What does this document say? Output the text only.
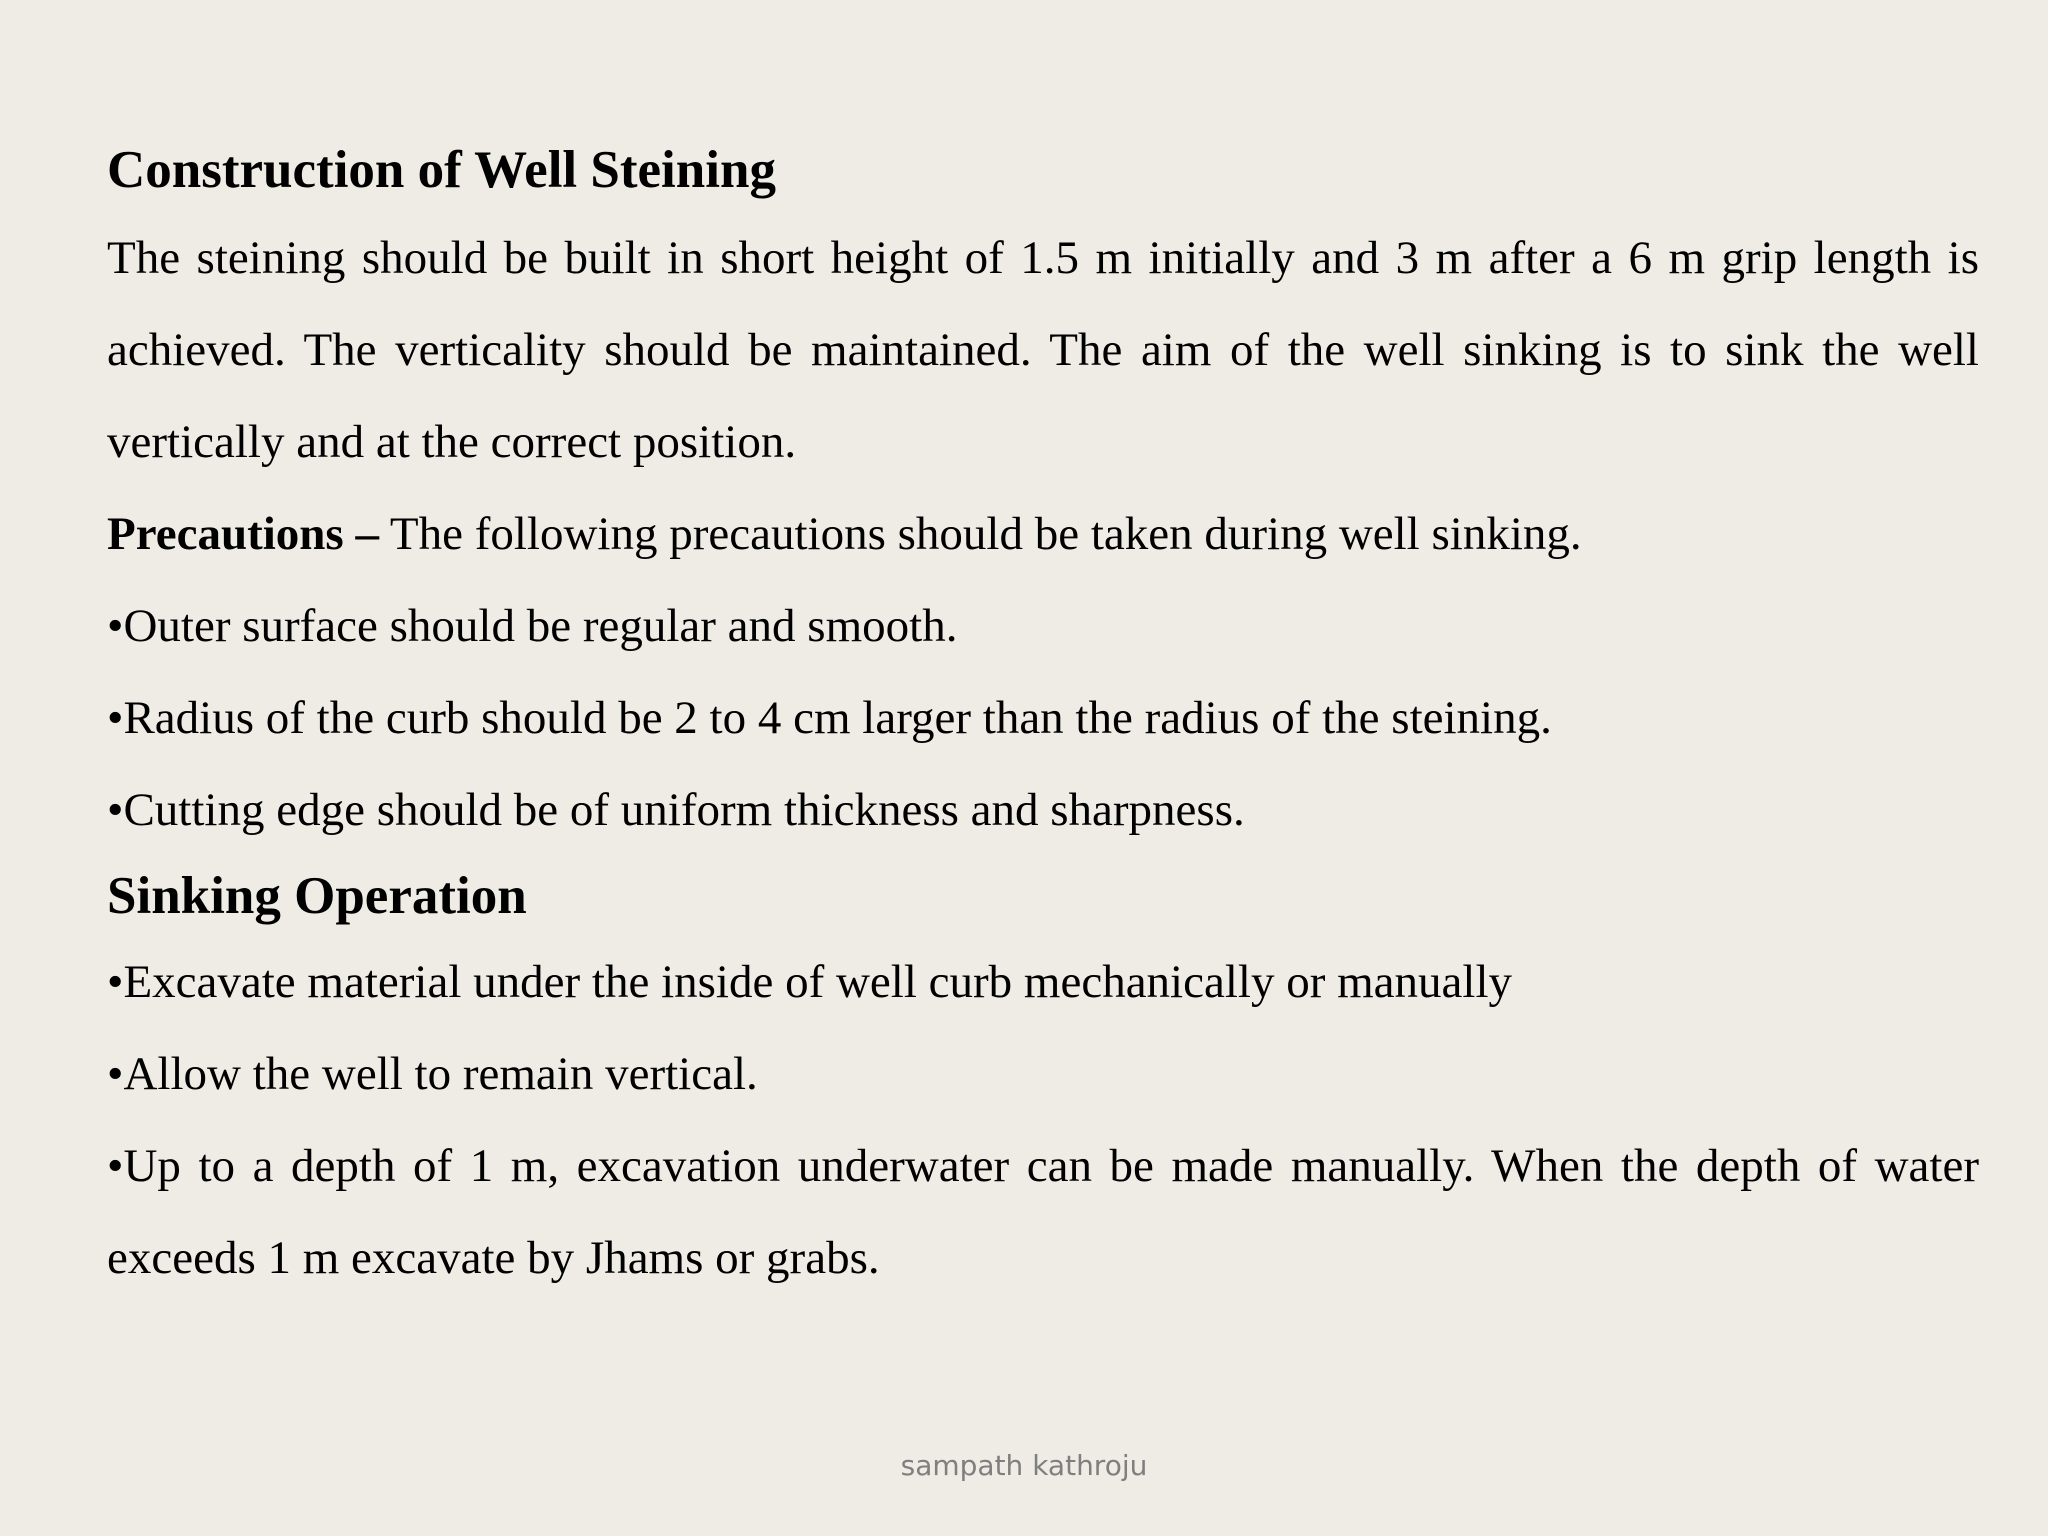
Construction of Well Steining

The steining should be built in short height of 1.5 m initially and 3 m after a 6 m grip length is achieved. The verticality should be maintained. The aim of the well sinking is to sink the well vertically and at the correct position.

Precautions – The following precautions should be taken during well sinking.

•Outer surface should be regular and smooth.

•Radius of the curb should be 2 to 4 cm larger than the radius of the steining.

•Cutting edge should be of uniform thickness and sharpness.

Sinking Operation

•Excavate material under the inside of well curb mechanically or manually

•Allow the well to remain vertical.

•Up to a depth of 1 m, excavation underwater can be made manually. When the depth of water exceeds 1 m excavate by Jhams or grabs.

sampath kathroju
